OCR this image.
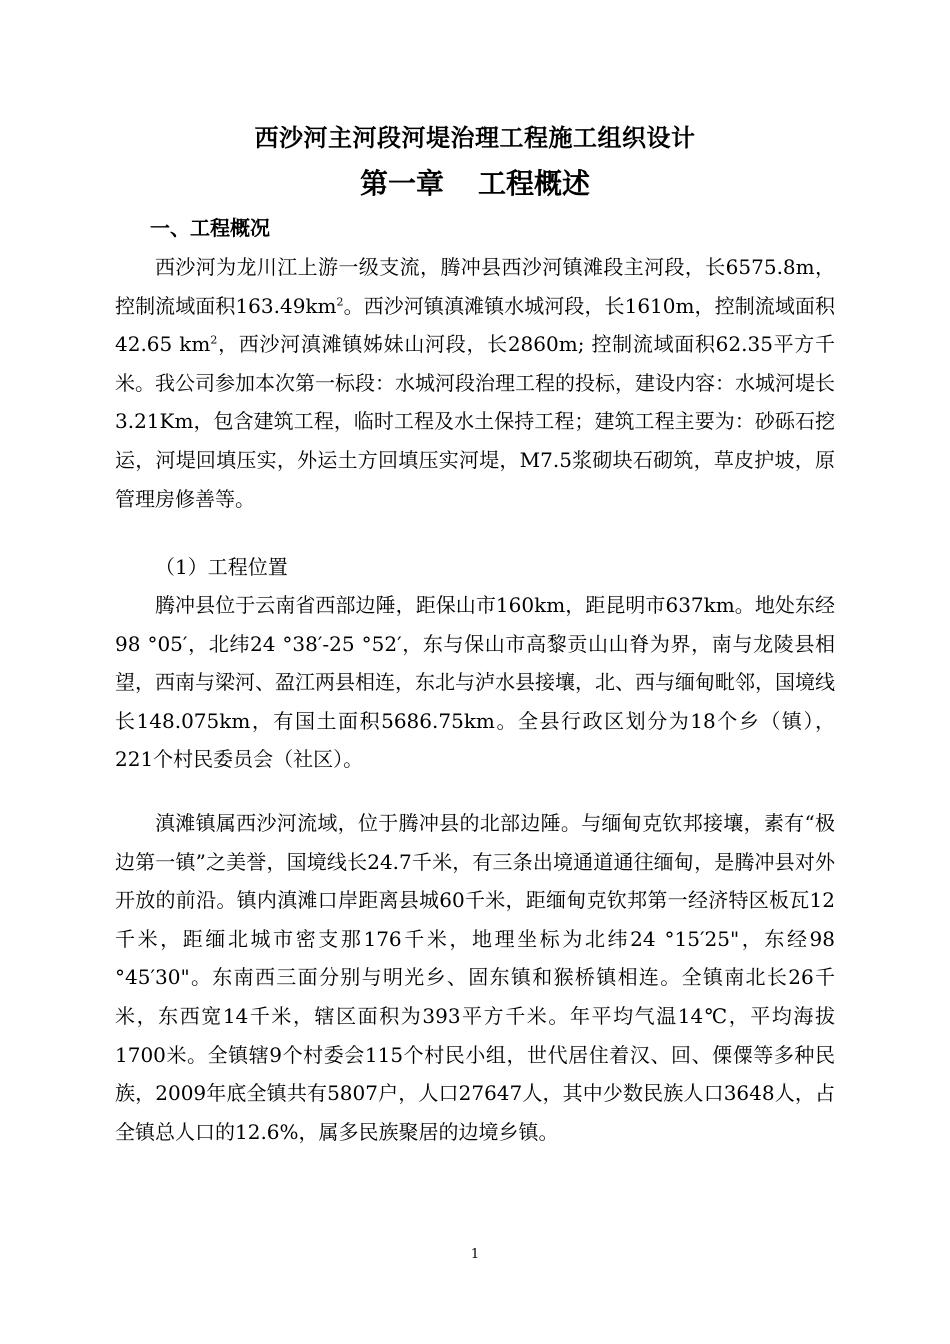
西沙河主河段河堤治理工程施工组织设计
第一章 工程概述
一、工程概况

西沙河为龙川江上游一级支流，腾冲县西沙河镇滩段主河段，长6575.8m，控制流域面积$163.49km^2$。西沙河镇滇滩镇水城河段，长1610m，控制流域面积42.65 $km^2$，西沙河滇滩镇姊妹山河段，长2860m; 控制流域面积62.35平方千米。我公司参加本次第一标段：水城河段治理工程的投标，建设内容：水城河堤长3.21Km，包含建筑工程，临时工程及水土保持工程；建筑工程主要为：砂砾石挖运，河堤回填压实，外运土方回填压实河堤，M7.5浆砌块石砌筑，草皮护坡，原管理房修善等。

（1）工程位置

腾冲县位于云南省西部边陲，距保山市160km，距昆明市637km。地处东经98 °05′，北纬24 °38′-25 °52′，东与保山市高黎贡山山脊为界，南与龙陵县相望，西南与梁河、盈江两县相连，东北与泸水县接壤，北、西与缅甸毗邻，国境线长148.075km，有国土面积5686.75km。全县行政区划分为18个乡（镇），221个村民委员会（社区）。

滇滩镇属西沙河流域，位于腾冲县的北部边陲。与缅甸克钦邦接壤，素有“极边第一镇”之美誉，国境线长24.7千米，有三条出境通道通往缅甸，是腾冲县对外开放的前沿。镇内滇滩口岸距离县城60千米，距缅甸克钦邦第一经济特区板瓦12千米，距缅北城市密支那176千米，地理坐标为北纬24 °15′25"，东经98 °45′30"。东南西三面分别与明光乡、固东镇和猴桥镇相连。全镇南北长26千米，东西宽14千米，辖区面积为393平方千米。年平均气温14℃，平均海拔1700米。全镇辖9个村委会115个村民小组，世代居住着汉、回、傈僳等多种民族，2009年底全镇共有5807户，人口27647人，其中少数民族人口3648人，占全镇总人口的12.6%，属多民族聚居的边境乡镇。

1
